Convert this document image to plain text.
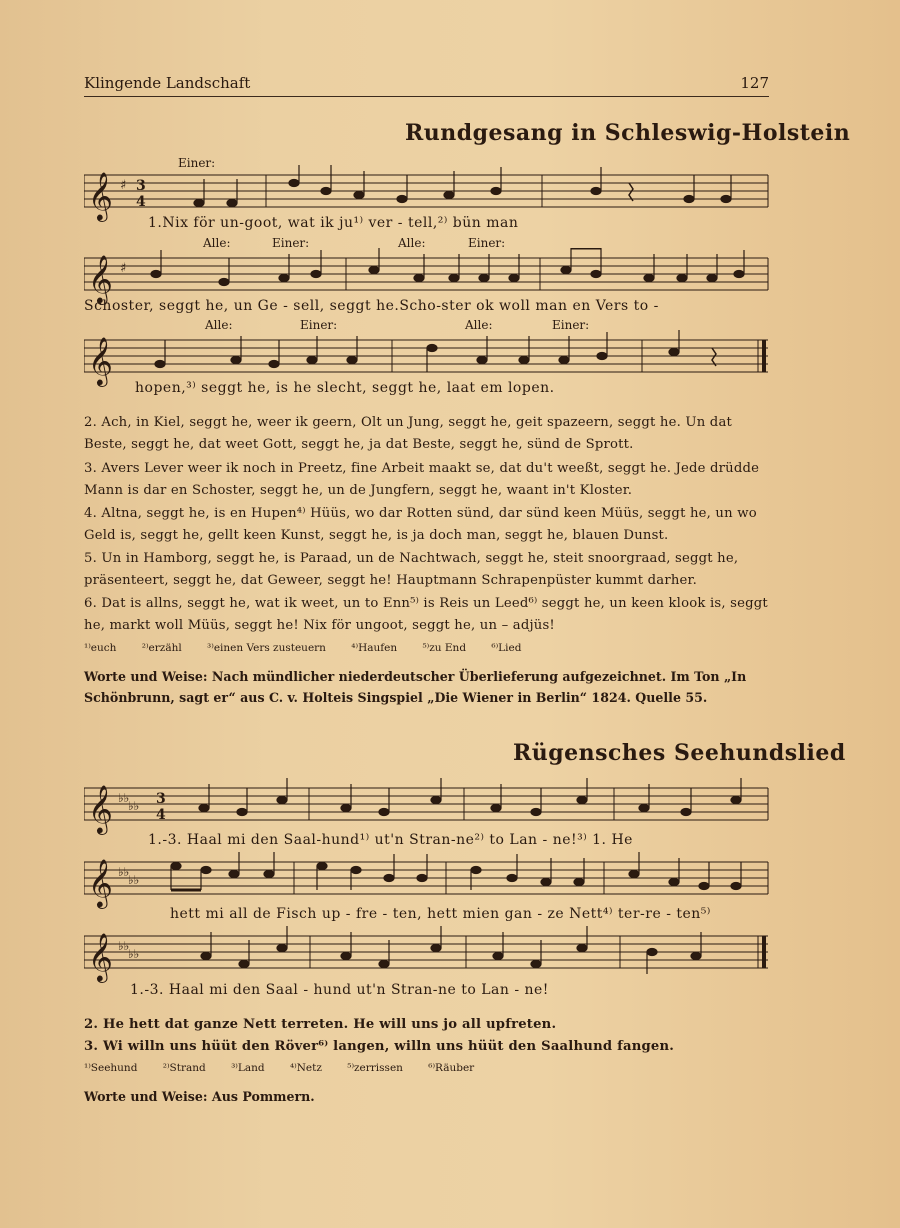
Klingende Landschaft	127
Rundgesang in Schleswig-Holstein
Einer:
Alle:	Einer:	Alle:	Einer:
Alle:	Einer:	Alle:	Einer:
𝄞 ♯ 3
4
1.Nix för un-goot, wat ik ju¹⁾ ver - tell,²⁾ bün man
𝄞 ♯
Schoster, seggt he, un Ge - sell, seggt he.Scho-ster ok woll man en Vers to -
𝄞
hopen,³⁾ seggt he, is he slecht, seggt he, laat em lopen.
2. Ach, in Kiel, seggt he, weer ik geern, Olt un Jung, seggt he, geit spazeern, seggt he. Un dat Beste, seggt he, dat weet Gott, seggt he, ja dat Beste, seggt he, sünd de Sprott.
3. Avers Lever weer ik noch in Preetz, fine Arbeit maakt se, dat du't weeßt, seggt he. Jede drüdde Mann is dar en Schoster, seggt he, un de Jungfern, seggt he, waant in't Kloster.
4. Altna, seggt he, is en Hupen⁴⁾ Hüüs, wo dar Rotten sünd, dar sünd keen Müüs, seggt he, un wo Geld is, seggt he, gellt keen Kunst, seggt he, is ja doch man, seggt he, blauen Dunst.
5. Un in Hamborg, seggt he, is Paraad, un de Nachtwach, seggt he, steit snoorgraad, seggt he, präsenteert, seggt he, dat Geweer, seggt he! Hauptmann Schrapenpüster kummt darher.
6. Dat is allns, seggt he, wat ik weet, un to Enn⁵⁾ is Reis un Leed⁶⁾ seggt he, un keen klook is, seggt he, markt woll Müüs, seggt he! Nix för ungoot, seggt he, un – adjüs!
¹⁾euch ²⁾erzähl ³⁾einen Vers zusteuern ⁴⁾Haufen ⁵⁾zu End ⁶⁾Lied
Worte und Weise: Nach mündlicher niederdeutscher Überlieferung aufgezeichnet. Im Ton „In Schönbrunn, sagt er“ aus C. v. Holteis Singspiel „Die Wiener in Berlin“ 1824. Quelle 55.
Rügensches Seehundslied
𝄞 ♭♭
♭♭ 3
4
1.-3. Haal mi den Saal-hund¹⁾ ut'n Stran-ne²⁾ to Lan - ne!³⁾ 1. He
𝄞 ♭♭
♭♭
hett mi all de Fisch up - fre - ten, hett mien gan - ze Nett⁴⁾ ter-re - ten⁵⁾
𝄞 ♭♭
♭♭
1.-3. Haal mi den Saal - hund ut'n Stran-ne to Lan - ne!
2. He hett dat ganze Nett terreten. He will uns jo all upfreten.
3. Wi willn uns hüüt den Röver⁶⁾ langen, willn uns hüüt den Saalhund fangen.
¹⁾Seehund ²⁾Strand ³⁾Land ⁴⁾Netz ⁵⁾zerrissen ⁶⁾Räuber
Worte und Weise: Aus Pommern.
